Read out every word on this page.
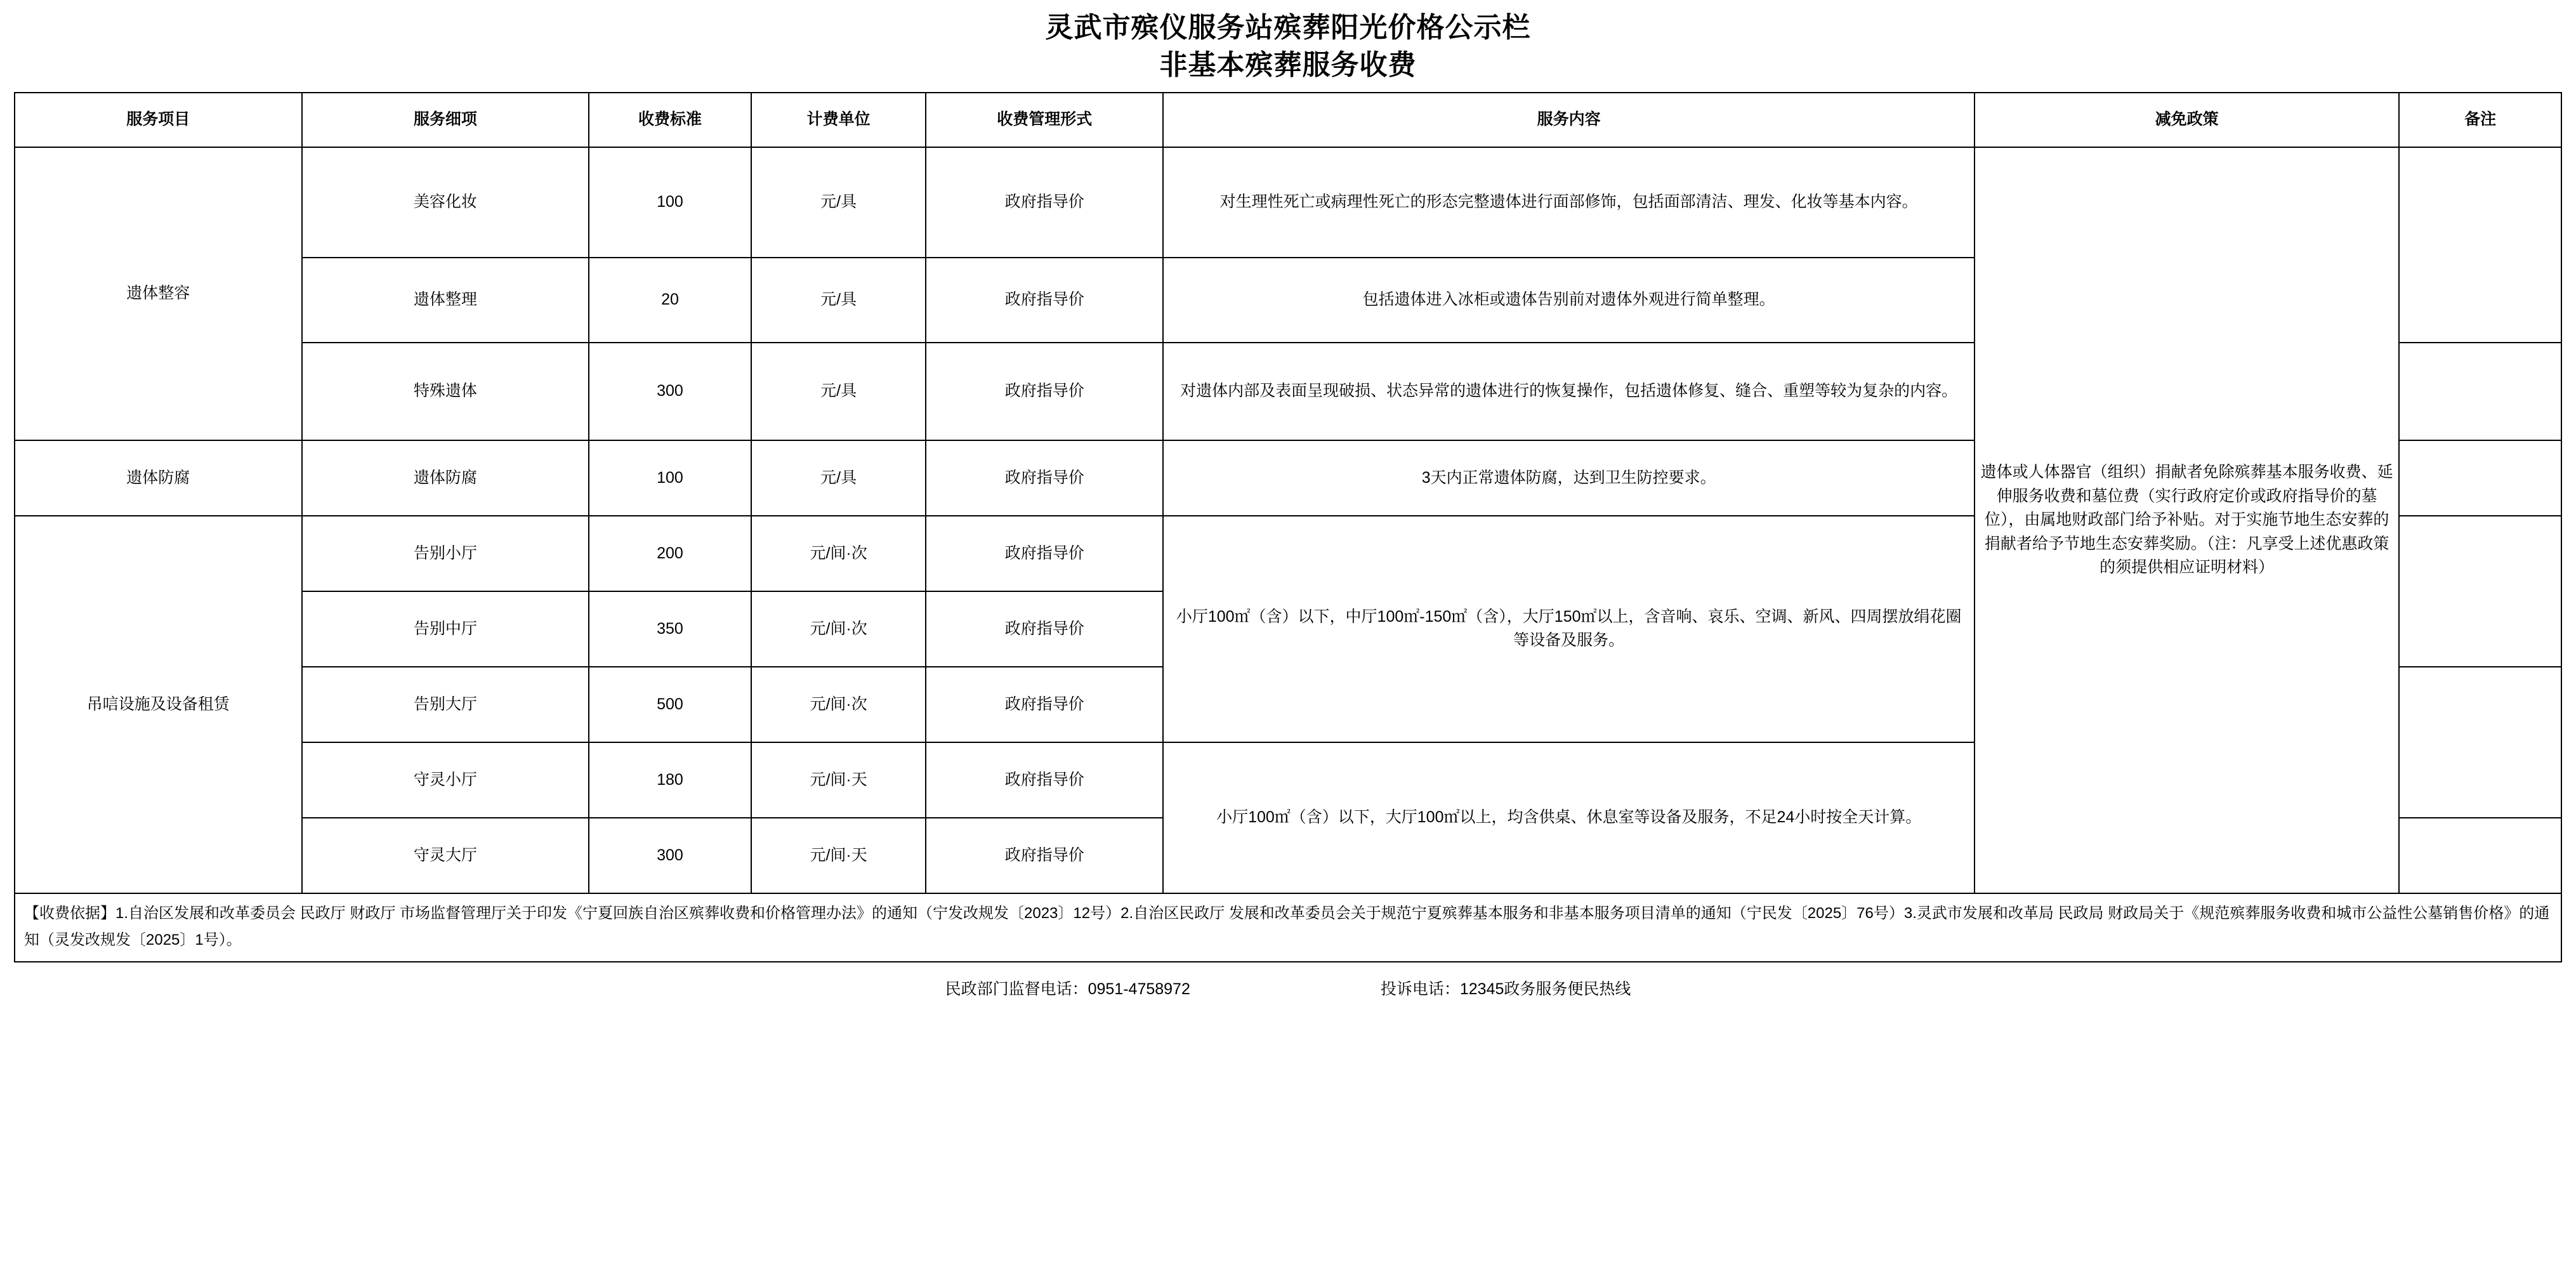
灵武市殡仪服务站殡葬阳光价格公示栏
非基本殡葬服务收费
服务项目	服务细项	收费标准	计费单位	收费管理形式	服务内容	减免政策	备注
遗体整容	美容化妆	100	元/具	政府指导价	对生理性死亡或病理性死亡的形态完整遗体进行面部修饰，包括面部清洁、理发、化妆等基本内容。	遗体或人体器官（组织）捐献者免除殡葬基本服务收费、延伸服务收费和墓位费（实行政府定价或政府指导价的墓位），由属地财政部门给予补贴。对于实施节地生态安葬的捐献者给予节地生态安葬奖励。（注：凡享受上述优惠政策的须提供相应证明材料）	
	遗体整理	20	元/具	政府指导价	包括遗体进入冰柜或遗体告别前对遗体外观进行简单整理。		
	特殊遗体	300	元/具	政府指导价	对遗体内部及表面呈现破损、状态异常的遗体进行的恢复操作，包括遗体修复、缝合、重塑等较为复杂的内容。		
遗体防腐	遗体防腐	100	元/具	政府指导价	3天内正常遗体防腐，达到卫生防控要求。		
吊唁设施及设备租赁	告别小厅	200	元/间·次	政府指导价	小厅100㎡（含）以下，中厅100㎡-150㎡（含），大厅150㎡以上，含音响、哀乐、空调、新风、四周摆放绢花圈等设备及服务。		
	告别中厅	350	元/间·次	政府指导价			
	告别大厅	500	元/间·次	政府指导价			
	守灵小厅	180	元/间·天	政府指导价	小厅100㎡（含）以下，大厅100㎡以上，均含供桌、休息室等设备及服务，不足24小时按全天计算。		
	守灵大厅	300	元/间·天	政府指导价			
【收费依据】1.自治区发展和改革委员会 民政厅 财政厅 市场监督管理厅关于印发《宁夏回族自治区殡葬收费和价格管理办法》的通知（宁发改规发〔2023〕12号）2.自治区民政厅 发展和改革委员会关于规范宁夏殡葬基本服务和非基本服务项目清单的通知（宁民发〔2025〕76号）3.灵武市发展和改革局 民政局 财政局关于《规范殡葬服务收费和城市公益性公墓销售价格》的通知（灵发改规发〔2025〕1号）。
民政部门监督电话：0951-4758972	投诉电话：12345政务服务便民热线
